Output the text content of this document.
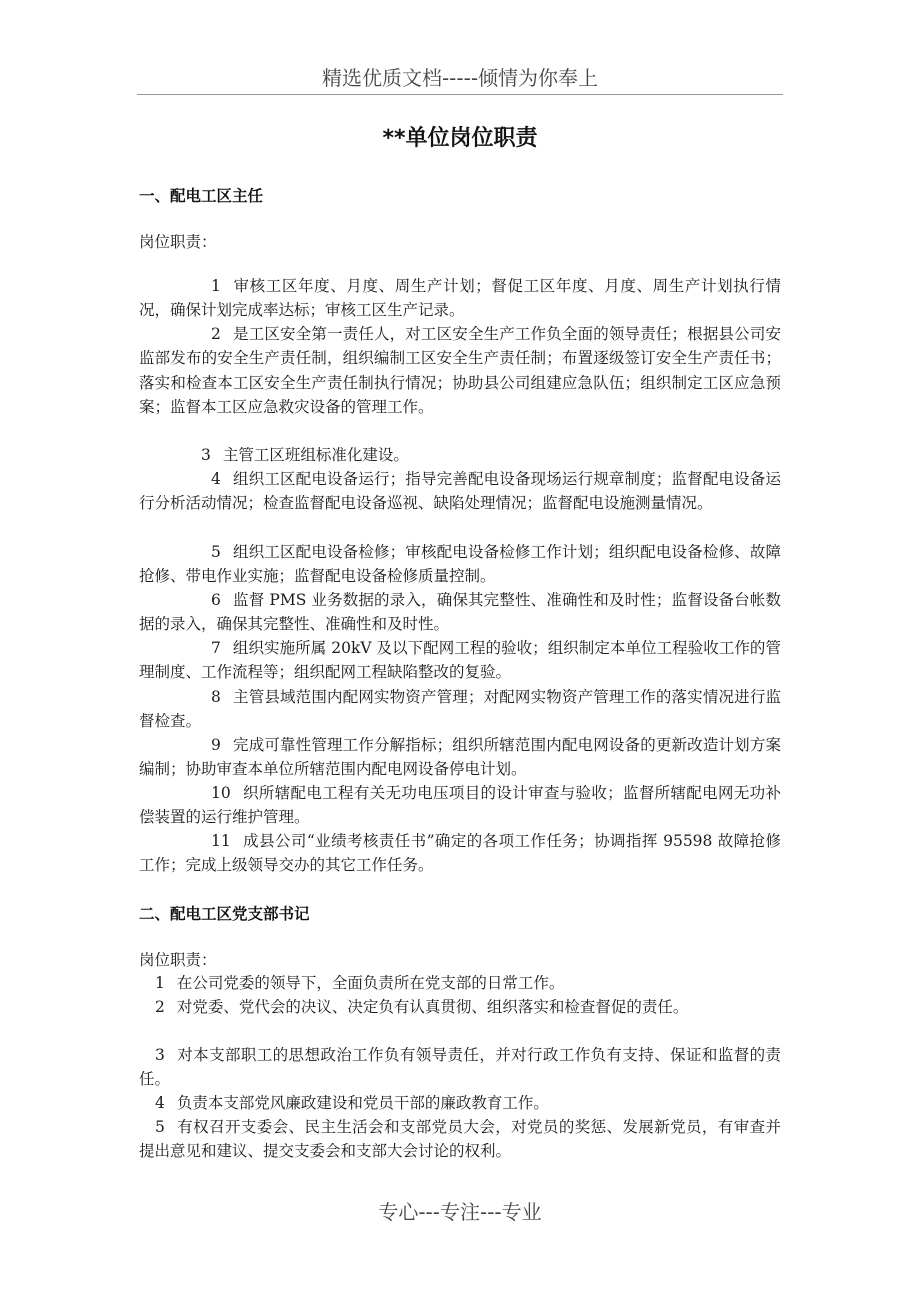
精选优质文档-----倾情为你奉上
**单位岗位职责
一、配电工区主任
岗位职责：
1 审核工区年度、月度、周生产计划；督促工区年度、月度、周生产计划执行情况，确保计划完成率达标；审核工区生产记录。
2 是工区安全第一责任人，对工区安全生产工作负全面的领导责任；根据县公司安监部发布的安全生产责任制，组织编制工区安全生产责任制；布置逐级签订安全生产责任书；落实和检查本工区安全生产责任制执行情况；协助县公司组建应急队伍；组织制定工区应急预案；监督本工区应急救灾设备的管理工作。
3 主管工区班组标准化建设。
4 组织工区配电设备运行；指导完善配电设备现场运行规章制度；监督配电设备运行分析活动情况；检查监督配电设备巡视、缺陷处理情况；监督配电设施测量情况。
5 组织工区配电设备检修；审核配电设备检修工作计划；组织配电设备检修、故障抢修、带电作业实施；监督配电设备检修质量控制。
6 监督 PMS 业务数据的录入，确保其完整性、准确性和及时性；监督设备台帐数据的录入，确保其完整性、准确性和及时性。
7 组织实施所属 20kV 及以下配网工程的验收；组织制定本单位工程验收工作的管理制度、工作流程等；组织配网工程缺陷整改的复验。
8 主管县域范围内配网实物资产管理；对配网实物资产管理工作的落实情况进行监督检查。
9 完成可靠性管理工作分解指标；组织所辖范围内配电网设备的更新改造计划方案编制；协助审查本单位所辖范围内配电网设备停电计划。
10 织所辖配电工程有关无功电压项目的设计审查与验收；监督所辖配电网无功补偿装置的运行维护管理。
11 成县公司“业绩考核责任书”确定的各项工作任务；协调指挥 95598 故障抢修工作；完成上级领导交办的其它工作任务。
二、配电工区党支部书记
岗位职责：
1 在公司党委的领导下，全面负责所在党支部的日常工作。
2 对党委、党代会的决议、决定负有认真贯彻、组织落实和检查督促的责任。
3 对本支部职工的思想政治工作负有领导责任，并对行政工作负有支持、保证和监督的责任。
4 负责本支部党风廉政建设和党员干部的廉政教育工作。
5 有权召开支委会、民主生活会和支部党员大会，对党员的奖惩、发展新党员，有审查并提出意见和建议、提交支委会和支部大会讨论的权利。
专心---专注---专业
